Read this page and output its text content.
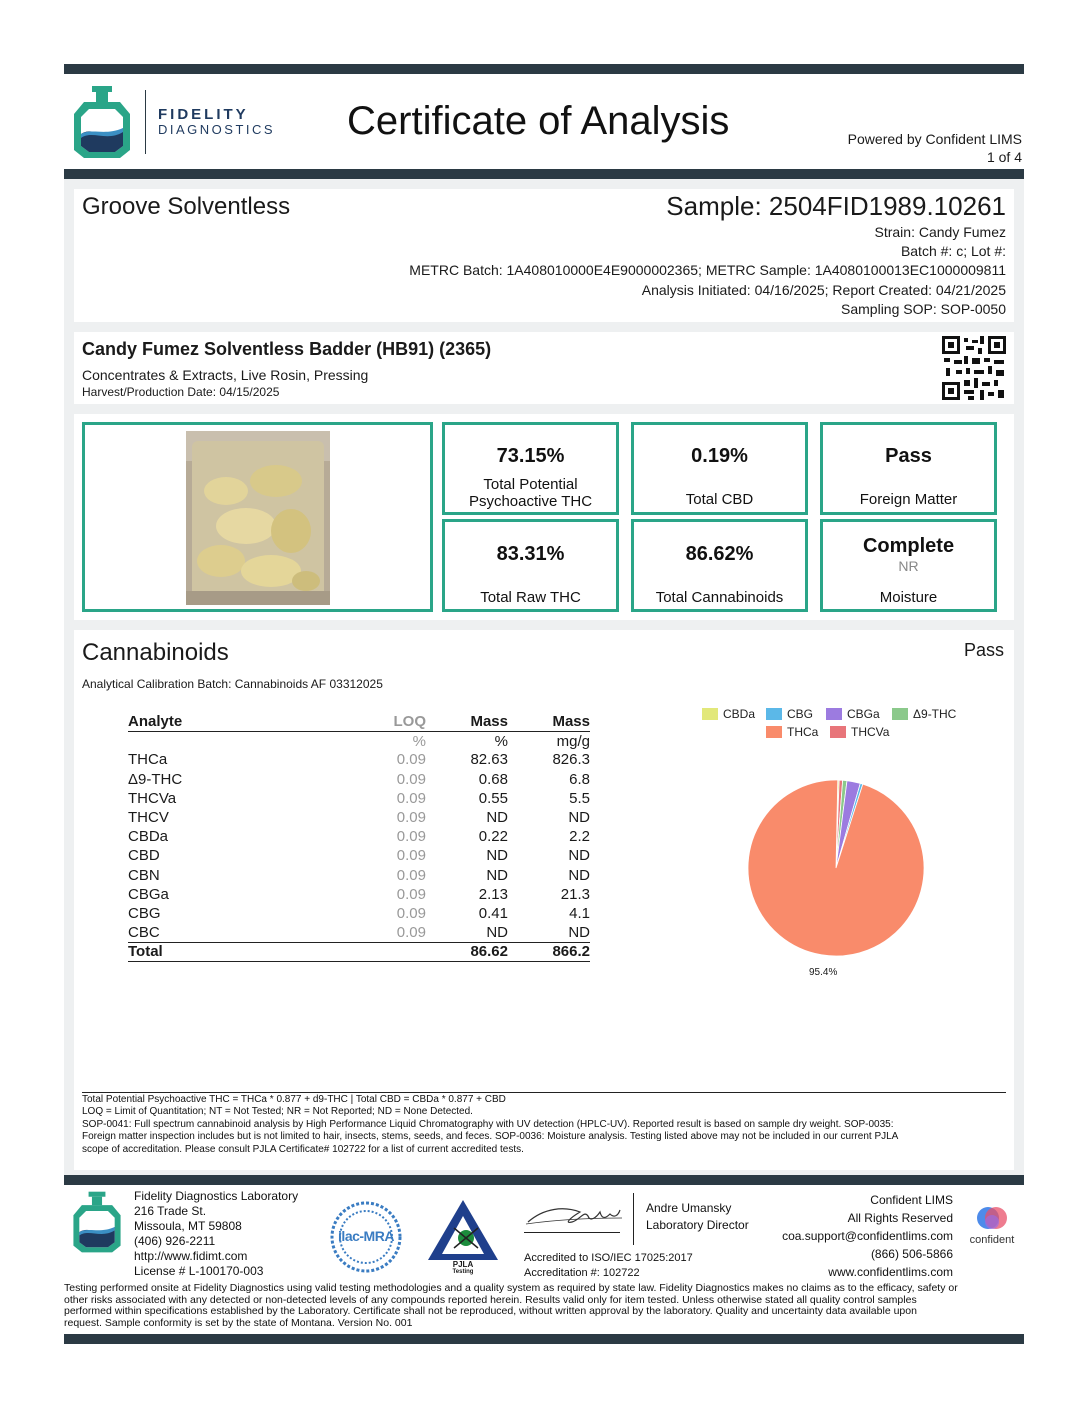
FIDELITY
DIAGNOSTICS Certificate of Analysis	Powered by Confident LIMS
1 of 4
Groove Solventless	Sample: 2504FID1989.10261
Strain: Candy Fumez
Batch #: c; Lot #:
METRC Batch: 1A408010000E4E9000002365; METRC Sample: 1A4080100013EC1000009811
Analysis Initiated: 04/16/2025; Report Created: 04/21/2025
Sampling SOP: SOP-0050
Candy Fumez Solventless Badder (HB91) (2365)
Concentrates & Extracts, Live Rosin, Pressing
Harvest/Production Date: 04/15/2025
73.15%
Total Potential
Psychoactive THC
0.19%
Total CBD
Pass
Foreign Matter
83.31%
Total Raw THC
86.62%
Total Cannabinoids
Complete
NR
Moisture
Cannabinoids	Pass
Analytical Calibration Batch: Cannabinoids AF 03312025
Analyte	LOQ	Mass	Mass
	%	%	mg/g
THCa	0.09	82.63	826.3
Δ9-THC	0.09	0.68	6.8
THCVa	0.09	0.55	5.5
THCV	0.09	ND	ND
CBDa	0.09	0.22	2.2
CBD	0.09	ND	ND
CBN	0.09	ND	ND
CBGa	0.09	2.13	21.3
CBG	0.09	0.41	4.1
CBC	0.09	ND	ND
Total		86.62	866.2
CBDa	CBG	CBGa	Δ9-THC
THCa	THCVa
95.4%
Total Potential Psychoactive THC = THCa * 0.877 + d9-THC | Total CBD = CBDa * 0.877 + CBD
LOQ = Limit of Quantitation; NT = Not Tested; NR = Not Reported; ND = None Detected.
SOP-0041: Full spectrum cannabinoid analysis by High Performance Liquid Chromatography with UV detection (HPLC-UV). Reported result is based on sample dry weight. SOP-0035:
Foreign matter inspection includes but is not limited to hair, insects, stems, seeds, and feces. SOP-0036: Moisture analysis. Testing listed above may not be included in our current PJLA
scope of accreditation. Please consult PJLA Certificate# 102722 for a list of current accredited tests.
Fidelity Diagnostics Laboratory
216 Trade St.
Missoula, MT 59808
(406) 926-2211
http://www.fidimt.com
License # L-100170-003
ilac-MRA
PJLA
Testing
Andre Umansky
Laboratory Director
Accredited to ISO/IEC 17025:2017
Accreditation #: 102722
Confident LIMS
All Rights Reserved
coa.support@confidentlims.com
(866) 506-5866
www.confidentlims.com
confident
Testing performed onsite at Fidelity Diagnostics using valid testing methodologies and a quality system as required by state law. Fidelity Diagnostics makes no claims as to the efficacy, safety or
other risks associated with any detected or non-detected levels of any compounds reported herein. Results valid only for item tested. Unless otherwise stated all quality control samples
performed within specifications established by the Laboratory. Certificate shall not be reproduced, without written approval by the laboratory. Quality and uncertainty data available upon
request. Sample conformity is set by the state of Montana. Version No. 001
